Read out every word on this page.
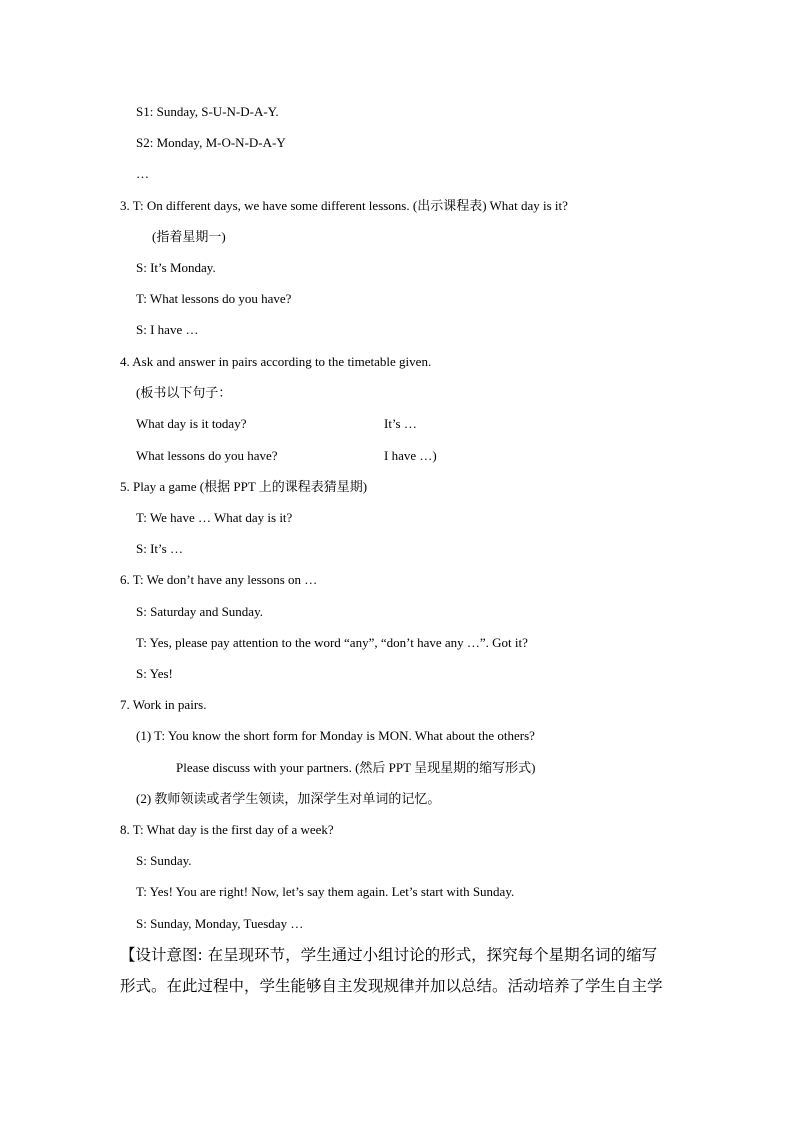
S1: Sunday, S-U-N-D-A-Y.
S2: Monday, M-O-N-D-A-Y
…
3. T: On different days, we have some different lessons. (出示课程表) What day is it?
(指着星期一)
S: It’s Monday.
T: What lessons do you have?
S: I have …
4. Ask and answer in pairs according to the timetable given.
(板书以下句子：
What day is it today?	It’s …
What lessons do you have?	I have …)
5. Play a game (根据 PPT 上的课程表猜星期)
T: We have … What day is it?
S: It’s …
6. T: We don’t have any lessons on …
S: Saturday and Sunday.
T: Yes, please pay attention to the word “any”, “don’t have any …”. Got it?
S: Yes!
7. Work in pairs.
(1) T: You know the short form for Monday is MON. What about the others?
Please discuss with your partners. (然后 PPT 呈现星期的缩写形式)
(2) 教师领读或者学生领读，加深学生对单词的记忆。
8. T: What day is the first day of a week?
S: Sunday.
T: Yes! You are right! Now, let’s say them again. Let’s start with Sunday.
S: Sunday, Monday, Tuesday …
【设计意图: 在呈现环节，学生通过小组讨论的形式，探究每个星期名词的缩写
形式。在此过程中，学生能够自主发现规律并加以总结。活动培养了学生自主学
